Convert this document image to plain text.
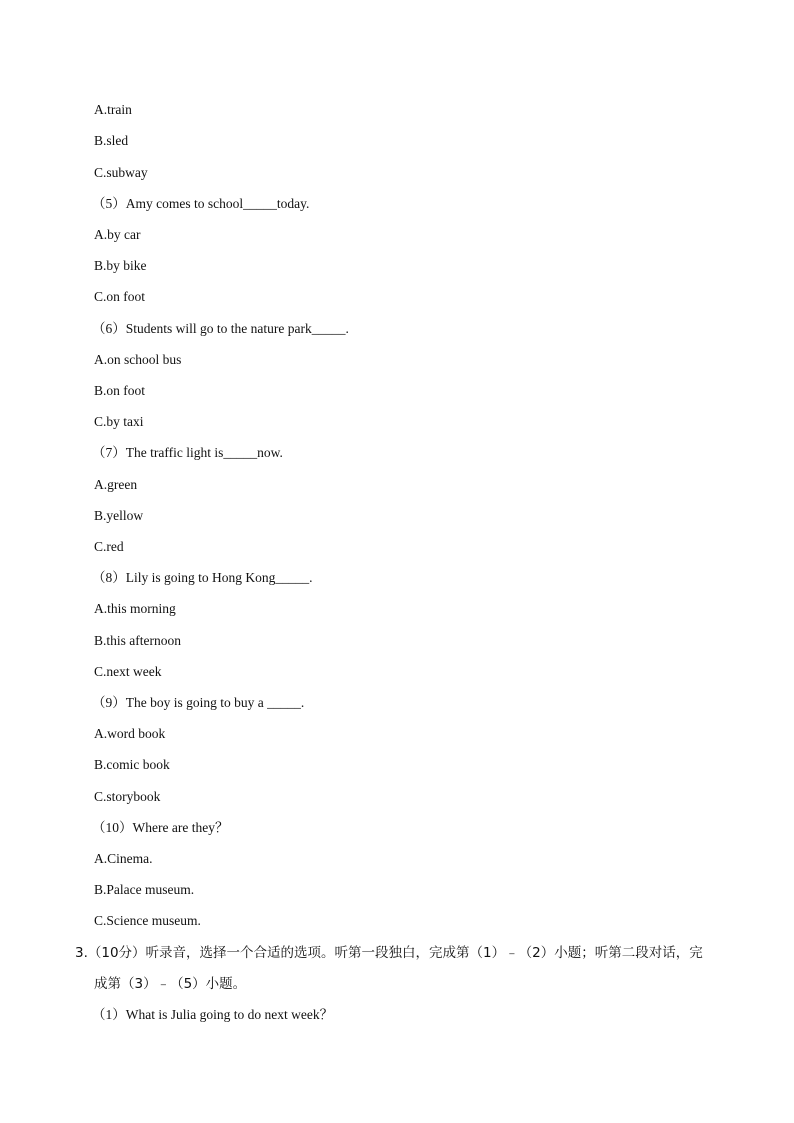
A.train
B.sled
C.subway
（5）Amy comes to school_____today.
A.by car
B.by bike
C.on foot
（6）Students will go to the nature park_____.
A.on school bus
B.on foot
C.by taxi
（7）The traffic light is_____now.
A.green
B.yellow
C.red
（8）Lily is going to Hong Kong_____.
A.this morning
B.this afternoon
C.next week
（9）The boy is going to buy a _____.
A.word book
B.comic book
C.storybook
（10）Where are they？
A.Cinema.
B.Palace museum.
C.Science museum.
3.（10分）听录音，选择一个合适的选项。听第一段独白，完成第（1）﹣（2）小题；听第二段对话，完
成第（3）﹣（5）小题。
（1）What is Julia going to do next week？
